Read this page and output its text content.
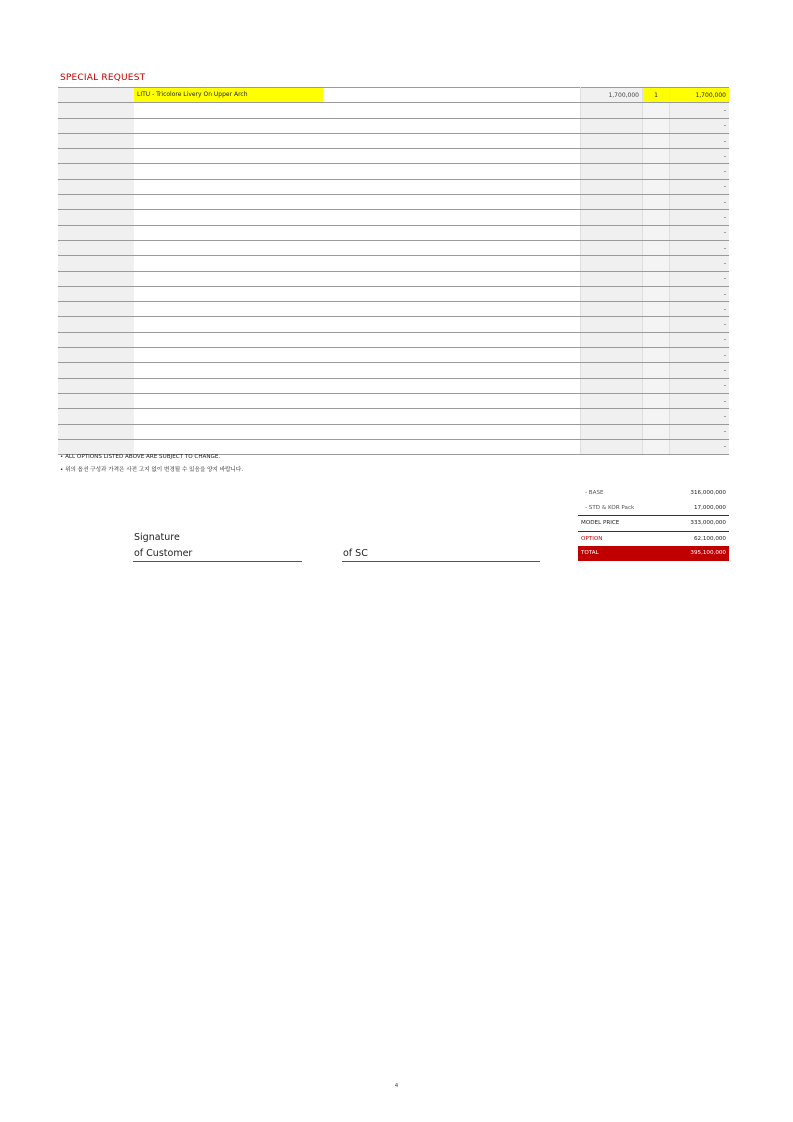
SPECIAL REQUEST
	LITU - Tricolore Livery On Upper Arch	1,700,000	1	1,700,000
				-
				-
				-
				-
				-
				-
				-
				-
				-
				-
				-
				-
				-
				-
				-
				-
				-
				-
				-
				-
				-
				-
				-
• ALL OPTIONS LISTED ABOVE ARE SUBJECT TO CHANGE.
• 위의 옵션 구성과 가격은 사전 고지 없이 변경될 수 있음을 양지 바랍니다.
- BASE	316,000,000
- STD & KOR Pack	17,000,000
MODEL PRICE	333,000,000
OPTION	62,100,000
TOTAL	395,100,000
Signature
of Customer	of SC
4
